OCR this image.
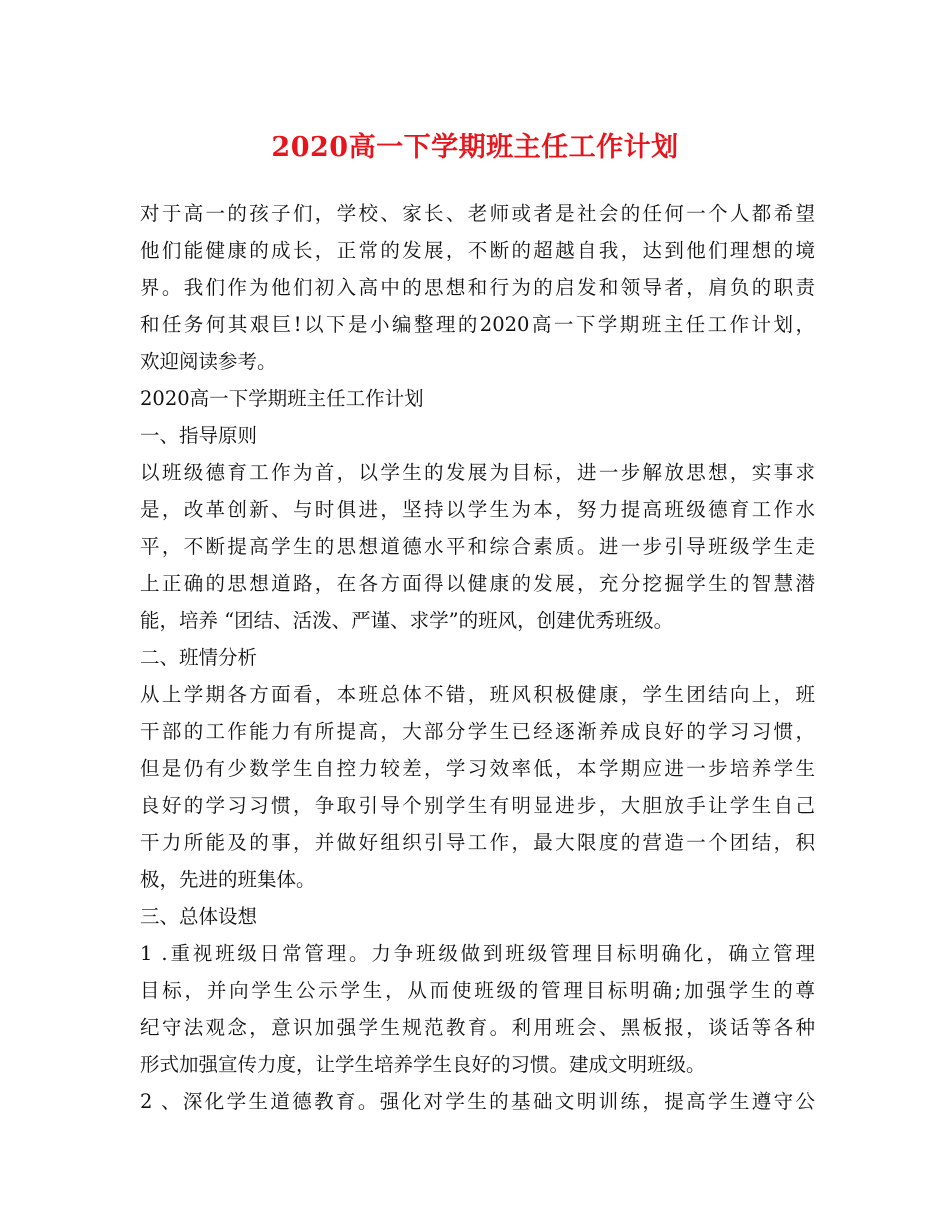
2020高一下学期班主任工作计划
对于高一的孩子们，学校、家长、老师或者是社会的任何一个人都希望
他们能健康的成长，正常的发展，不断的超越自我，达到他们理想的境
界。我们作为他们初入高中的思想和行为的启发和领导者，肩负的职责
和任务何其艰巨!以下是小编整理的2020高一下学期班主任工作计划，
欢迎阅读参考。
2020高一下学期班主任工作计划
一、指导原则
以班级德育工作为首，以学生的发展为目标，进一步解放思想，实事求
是，改革创新、与时俱进，坚持以学生为本，努力提高班级德育工作水
平，不断提高学生的思想道德水平和综合素质。进一步引导班级学生走
上正确的思想道路，在各方面得以健康的发展，充分挖掘学生的智慧潜
能，培养 “团结、活泼、严谨、求学”的班风，创建优秀班级。
二、班情分析
从上学期各方面看，本班总体不错，班风积极健康，学生团结向上，班
干部的工作能力有所提高，大部分学生已经逐渐养成良好的学习习惯，
但是仍有少数学生自控力较差，学习效率低，本学期应进一步培养学生
良好的学习习惯，争取引导个别学生有明显进步，大胆放手让学生自己
干力所能及的事，并做好组织引导工作，最大限度的营造一个团结，积
极，先进的班集体。
三、总体设想
1 .重视班级日常管理。力争班级做到班级管理目标明确化，确立管理
目标，并向学生公示学生，从而使班级的管理目标明确;加强学生的尊
纪守法观念，意识加强学生规范教育。利用班会、黑板报，谈话等各种
形式加强宣传力度，让学生培养学生良好的习惯。建成文明班级。
2 、深化学生道德教育。强化对学生的基础文明训练，提高学生遵守公
